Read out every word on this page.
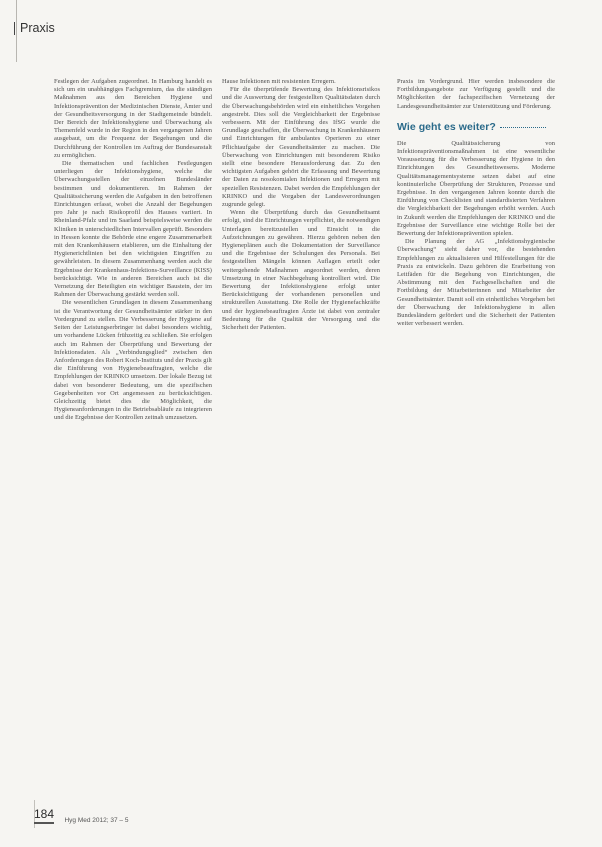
Praxis

Festlegen der Aufgaben zugeordnet. In Hamburg handelt es sich um ein unabhängiges Fachgremium, das die ständigen Maßnahmen aus den Bereichen Hygiene und Infektionsprävention der Medizinischen Dienste, Ämter und der Gesundheitsversorgung in der Stadtgemeinde bündelt. Der Bereich der Infektionshygiene und Überwachung als Themenfeld wurde in der Region in den vergangenen Jahren ausgebaut, um die Frequenz der Begehungen und die Durchführung der Kontrollen im Auftrag der Bundesanstalt zu ermöglichen.

Die thematischen und fachlichen Festlegungen unterliegen der Infektionshygiene, welche die Überwachungsstellen der einzelnen Bundesländer bestimmen und dokumentieren. Im Rahmen der Qualitätssicherung werden die Aufgaben in den betroffenen Einrichtungen erfasst, wobei die Anzahl der Begehungen pro Jahr je nach Risikoprofil des Hauses variiert. In Rheinland-Pfalz und im Saarland beispielsweise werden die Kliniken in unterschiedlichen Intervallen geprüft. Besonders in Hessen konnte die Behörde eine engere Zusammenarbeit mit den Krankenhäusern etablieren, um die Einhaltung der Hygienerichtlinien bei den wichtigsten Eingriffen zu gewährleisten. In diesem Zusammenhang werden auch die Ergebnisse der Krankenhaus-Infektions-Surveillance (KISS) berücksichtigt. Wie in anderen Bereichen auch ist die Vernetzung der Beteiligten ein wichtiger Baustein, der im Rahmen der Überwachung gestärkt werden soll.

Die wesentlichen Grundlagen in diesem Zusammenhang ist die Verantwortung der Gesundheitsämter stärker in den Vordergrund zu stellen. Die Verbesserung der Hygiene auf Seiten der Leistungserbringer ist dabei besonders wichtig, um vorhandene Lücken frühzeitig zu schließen. Sie erfolgen auch im Rahmen der Überprüfung und Bewertung der Infektionsdaten. Als „Verbindungsglied“ zwischen den Anforderungen des Robert Koch-Instituts und der Praxis gilt die Einführung von Hygienebeauftragten, welche die Empfehlungen der KRINKO umsetzen. Der lokale Bezug ist dabei von besonderer Bedeutung, um die spezifischen Gegebenheiten vor Ort angemessen zu berücksichtigen. Gleichzeitig bietet dies die Möglichkeit, die Hygieneanforderungen in die Betriebsabläufe zu integrieren und die Ergebnisse der Kontrollen zeitnah umzusetzen.

Hause Infektionen mit resistenten Erregern.

Für die überprüfende Bewertung des Infektionsrisikos und die Auswertung der festgestellten Qualitätsdaten durch die Überwachungsbehörden wird ein einheitliches Vorgehen angestrebt. Dies soll die Vergleichbarkeit der Ergebnisse verbessern. Mit der Einführung des IfSG wurde die Grundlage geschaffen, die Überwachung in Krankenhäusern und Einrichtungen für ambulantes Operieren zu einer Pflichtaufgabe der Gesundheitsämter zu machen. Die Überwachung von Einrichtungen mit besonderem Risiko stellt eine besondere Herausforderung dar. Zu den wichtigsten Aufgaben gehört die Erfassung und Bewertung der Daten zu nosokomialen Infektionen und Erregern mit speziellen Resistenzen. Dabei werden die Empfehlungen der KRINKO und die Vorgaben der Landesverordnungen zugrunde gelegt.

Wenn die Überprüfung durch das Gesundheitsamt erfolgt, sind die Einrichtungen verpflichtet, die notwendigen Unterlagen bereitzustellen und Einsicht in die Aufzeichnungen zu gewähren. Hierzu gehören neben den Hygieneplänen auch die Dokumentation der Surveillance und die Ergebnisse der Schulungen des Personals. Bei festgestellten Mängeln können Auflagen erteilt oder weitergehende Maßnahmen angeordnet werden, deren Umsetzung in einer Nachbegehung kontrolliert wird. Die Bewertung der Infektionshygiene erfolgt unter Berücksichtigung der vorhandenen personellen und strukturellen Ausstattung. Die Rolle der Hygienefachkräfte und der hygienebeauftragten Ärzte ist dabei von zentraler Bedeutung für die Qualität der Versorgung und die Sicherheit der Patienten.

Praxis im Vordergrund. Hier werden insbesondere die Fortbildungsangebote zur Verfügung gestellt und die Möglichkeiten der fachspezifischen Vernetzung der Landesgesundheitsämter zur Unterstützung und Förderung.

Wie geht es weiter?

Die Qualitätssicherung von Infektionspräventionsmaßnahmen ist eine wesentliche Voraussetzung für die Verbesserung der Hygiene in den Einrichtungen des Gesundheitswesens. Moderne Qualitätsmanagementsysteme setzen dabei auf eine kontinuierliche Überprüfung der Strukturen, Prozesse und Ergebnisse. In den vergangenen Jahren konnte durch die Einführung von Checklisten und standardisierten Verfahren die Vergleichbarkeit der Begehungen erhöht werden. Auch in Zukunft werden die Empfehlungen der KRINKO und die Ergebnisse der Surveillance eine wichtige Rolle bei der Bewertung der Infektionsprävention spielen.

Die Planung der AG „Infektionshygienische Überwachung“ sieht daher vor, die bestehenden Empfehlungen zu aktualisieren und Hilfestellungen für die Praxis zu entwickeln. Dazu gehören die Erarbeitung von Leitfäden für die Begehung von Einrichtungen, die Abstimmung mit den Fachgesellschaften und die Fortbildung der Mitarbeiterinnen und Mitarbeiter der Gesundheitsämter. Damit soll ein einheitliches Vorgehen bei der Überwachung der Infektionshygiene in allen Bundesländern gefördert und die Sicherheit der Patienten weiter verbessert werden.

184 Hyg Med 2012; 37 – 5
